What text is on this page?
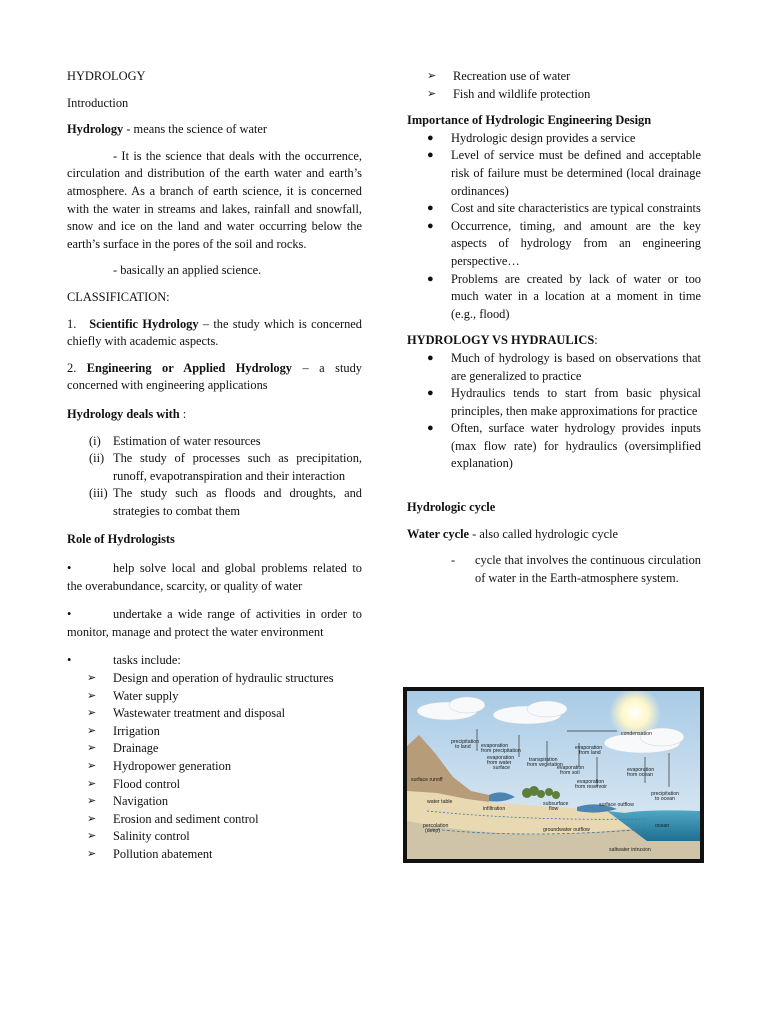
HYDROLOGY

Introduction

Hydrology - means the science of water

- It is the science that deals with the occurrence, circulation and distribution of the earth water and earth’s atmosphere. As a branch of earth science, it is concerned with the water in streams and lakes, rainfall and snowfall, snow and ice on the land and water occurring below the earth’s surface in the pores of the soil and rocks.

- basically an applied science.

CLASSIFICATION:

1. Scientific Hydrology – the study which is concerned chiefly with academic aspects.

2. Engineering or Applied Hydrology – a study concerned with engineering applications

Hydrology deals with :

(i) Estimation of water resources
(ii) The study of processes such as precipitation, runoff, evapotranspiration and their interaction
(iii) The study such as floods and droughts, and strategies to combat them

Role of Hydrologists

•	help solve local and global problems related to the overabundance, scarcity, or quality of water
•	undertake a wide range of activities in order to monitor, manage and protect the water environment
•	tasks include:
➢	Design and operation of hydraulic structures
➢	Water supply
➢	Wastewater treatment and disposal
➢	Irrigation
➢	Drainage
➢	Hydropower generation
➢	Flood control
➢	Navigation
➢	Erosion and sediment control
➢	Salinity control
➢	Pollution abatement
➢	Recreation use of water
➢	Fish and wildlife protection

Importance of Hydrologic Engineering Design

●	Hydrologic design provides a service
●	Level of service must be defined and acceptable risk of failure must be determined (local drainage ordinances)
●	Cost and site characteristics are typical constraints
●	Occurrence, timing, and amount are the key aspects of hydrology from an engineering perspective…
●	Problems are created by lack of water or too much water in a location at a moment in time (e.g., flood)

HYDROLOGY VS HYDRAULICS:

●	Much of hydrology is based on observations that are generalized to practice
●	Hydraulics tends to start from basic physical principles, then make approximations for practice
●	Often, surface water hydrology provides inputs (max flow rate) for hydraulics (oversimplified explanation)

Hydrologic cycle

Water cycle - also called hydrologic cycle

-	cycle that involves the continuous circulation of water in the Earth-atmosphere system.
condensation
precipitation
to land evaporation
from precipitation	evaporation
from land
transpiration
from vegetation
evaporation
from water
surface	evaporation
from soil
evaporation
from reservoir
evaporation
from ocean
precipitation
to ocean
surface runoff
water table
infiltration
subsurface
flow
surface outflow
percolation
(deep)	groundwater outflow
ocean
saltwater intrusion
